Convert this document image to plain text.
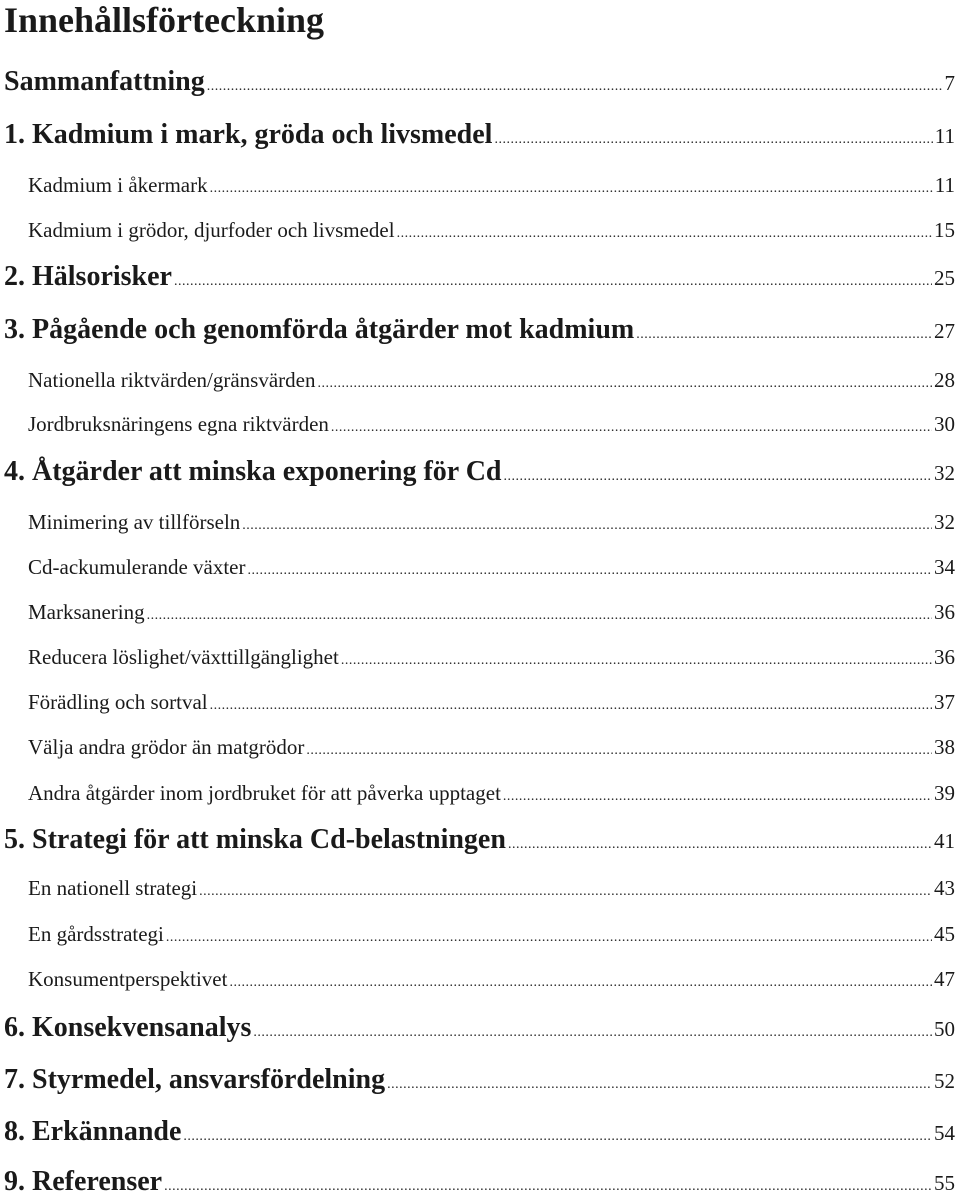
Innehållsförteckning
Sammanfattning .....	7
1. Kadmium i mark, gröda och livsmedel .....	11
Kadmium i åkermark .....	11
Kadmium i grödor, djurfoder och livsmedel .....	15
2. Hälsorisker .....	25
3. Pågående och genomförda åtgärder mot kadmium .....	27
Nationella riktvärden/gränsvärden .....	28
Jordbruksnäringens egna riktvärden .....	30
4. Åtgärder att minska exponering för Cd .....	32
Minimering av tillförseln .....	32
Cd-ackumulerande växter .....	34
Marksanering .....	36
Reducera löslighet/växttillgänglighet .....	36
Förädling och sortval .....	37
Välja andra grödor än matgrödor .....	38
Andra åtgärder inom jordbruket för att påverka upptaget .....	39
5. Strategi för att minska Cd-belastningen .....	41
En nationell strategi .....	43
En gårdsstrategi .....	45
Konsumentperspektivet .....	47
6. Konsekvensanalys .....	50
7. Styrmedel, ansvarsfördelning .....	52
8. Erkännande .....	54
9. Referenser .....	55
